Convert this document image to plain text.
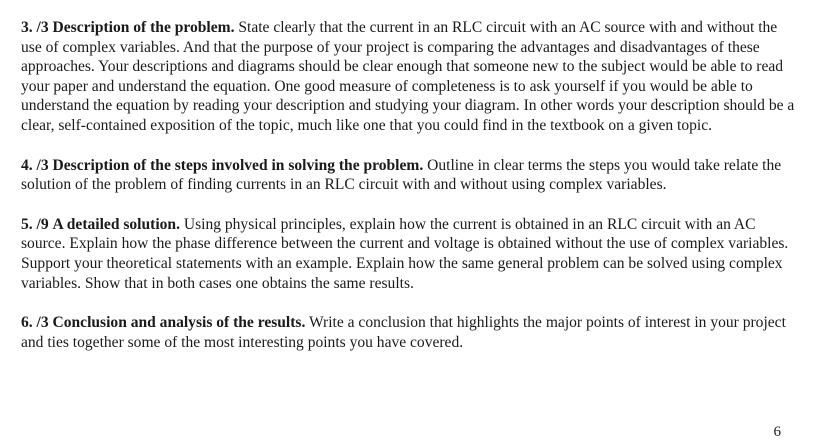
3. /3 Description of the problem. State clearly that the current in an RLC circuit with an AC source with and without the use of complex variables. And that the purpose of your project is comparing the advantages and disadvantages of these approaches. Your descriptions and diagrams should be clear enough that someone new to the subject would be able to read your paper and understand the equation. One good measure of completeness is to ask yourself if you would be able to understand the equation by reading your description and studying your diagram. In other words your description should be a clear, self-contained exposition of the topic, much like one that you could find in the textbook on a given topic.

4. /3 Description of the steps involved in solving the problem. Outline in clear terms the steps you would take relate the solution of the problem of finding currents in an RLC circuit with and without using complex variables.

5. /9 A detailed solution. Using physical principles, explain how the current is obtained in an RLC circuit with an AC source. Explain how the phase difference between the current and voltage is obtained without the use of complex variables. Support your theoretical statements with an example. Explain how the same general problem can be solved using complex variables. Show that in both cases one obtains the same results.

6. /3 Conclusion and analysis of the results. Write a conclusion that highlights the major points of interest in your project and ties together some of the most interesting points you have covered.

6
